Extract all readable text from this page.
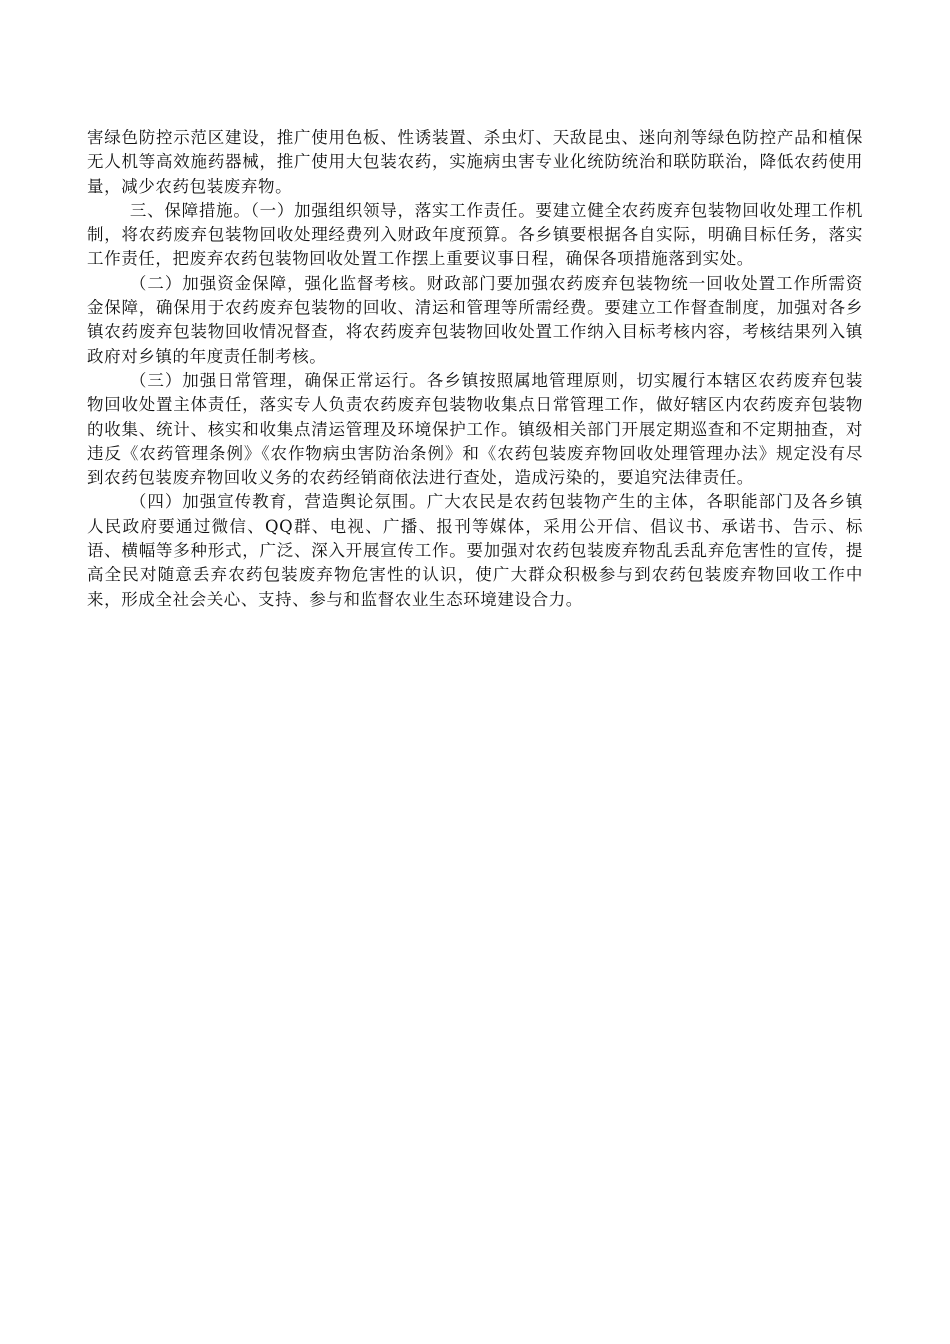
害绿色防控示范区建设，推广使用色板、性诱装置、杀虫灯、天敌昆虫、迷向剂等绿色防控产品和植保无人机等高效施药器械，推广使用大包装农药，实施病虫害专业化统防统治和联防联治，降低农药使用量，减少农药包装废弃物。

三、保障措施。（一）加强组织领导，落实工作责任。要建立健全农药废弃包装物回收处理工作机制，将农药废弃包装物回收处理经费列入财政年度预算。各乡镇要根据各自实际，明确目标任务，落实工作责任，把废弃农药包装物回收处置工作摆上重要议事日程，确保各项措施落到实处。

（二）加强资金保障，强化监督考核。财政部门要加强农药废弃包装物统一回收处置工作所需资金保障，确保用于农药废弃包装物的回收、清运和管理等所需经费。要建立工作督查制度，加强对各乡镇农药废弃包装物回收情况督查，将农药废弃包装物回收处置工作纳入目标考核内容，考核结果列入镇政府对乡镇的年度责任制考核。

（三）加强日常管理，确保正常运行。各乡镇按照属地管理原则，切实履行本辖区农药废弃包装物回收处置主体责任，落实专人负责农药废弃包装物收集点日常管理工作，做好辖区内农药废弃包装物的收集、统计、核实和收集点清运管理及环境保护工作。镇级相关部门开展定期巡查和不定期抽查，对违反《农药管理条例》《农作物病虫害防治条例》和《农药包装废弃物回收处理管理办法》规定没有尽到农药包装废弃物回收义务的农药经销商依法进行查处，造成污染的，要追究法律责任。

（四）加强宣传教育，营造舆论氛围。广大农民是农药包装物产生的主体，各职能部门及各乡镇人民政府要通过微信、QQ群、电视、广播、报刊等媒体，采用公开信、倡议书、承诺书、告示、标语、横幅等多种形式，广泛、深入开展宣传工作。要加强对农药包装废弃物乱丢乱弃危害性的宣传，提高全民对随意丢弃农药包装废弃物危害性的认识，使广大群众积极参与到农药包装废弃物回收工作中来，形成全社会关心、支持、参与和监督农业生态环境建设合力。
